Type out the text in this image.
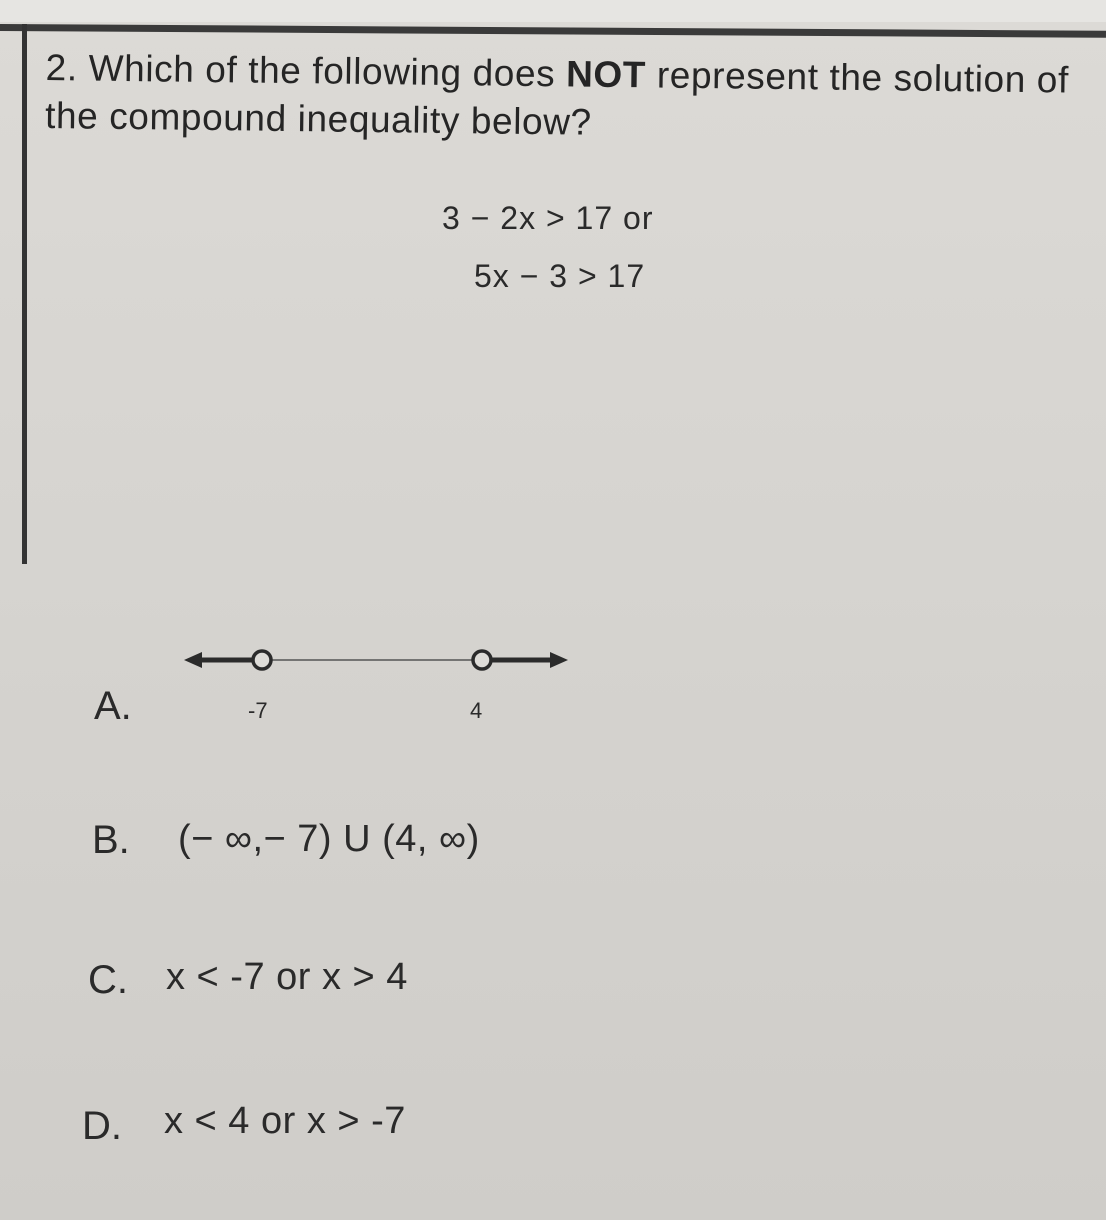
2. Which of the following does NOT represent the solution of the compound inequality below?

3 − 2x > 17 or
5x − 3 > 17
A.	-7	4
B. (− ∞,− 7) U (4, ∞)
C. x < -7 or x > 4
D. x < 4 or x > -7
